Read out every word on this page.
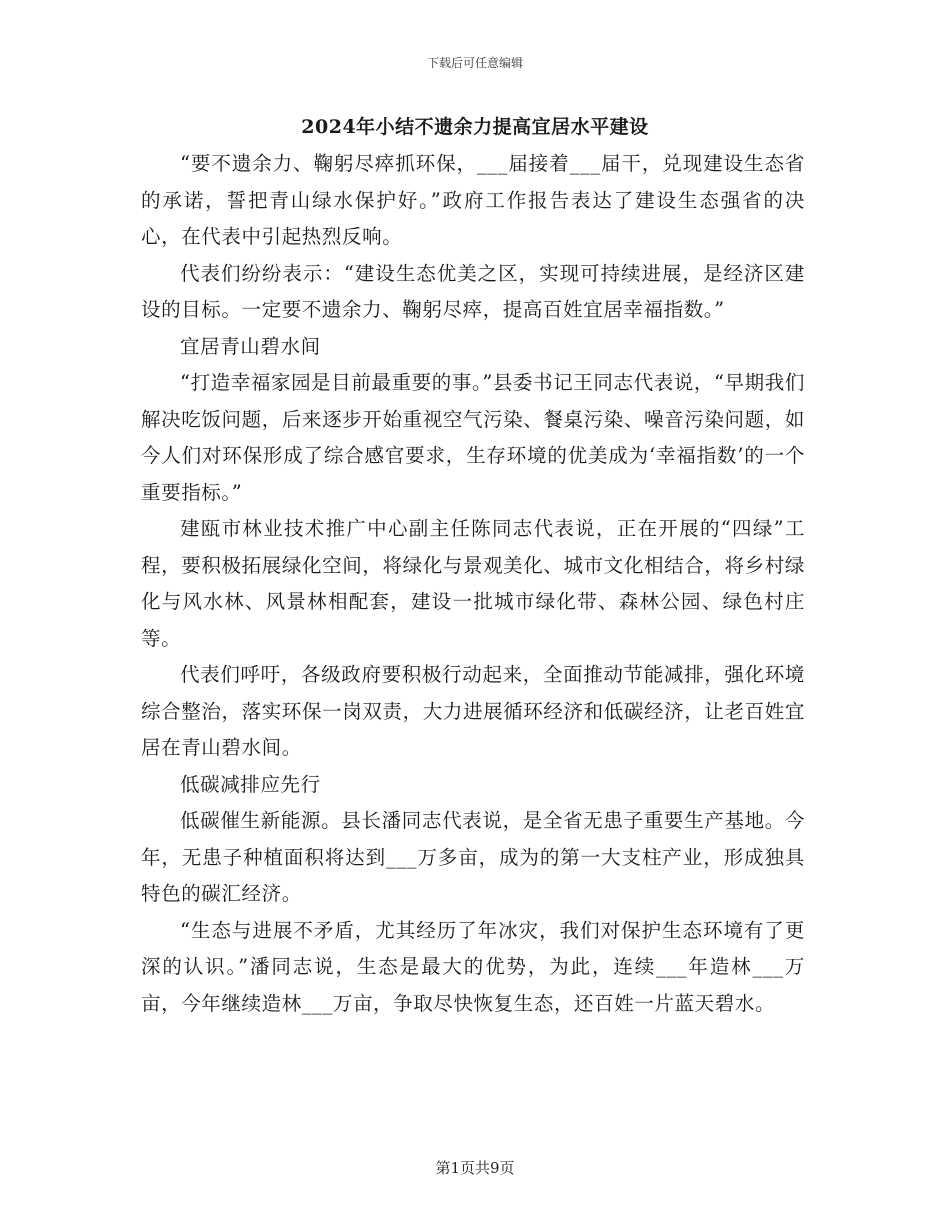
下载后可任意编辑
2024年小结不遗余力提高宜居水平建设

“要不遗余力、鞠躬尽瘁抓环保，___届接着___届干，兑现建设生态省的承诺，誓把青山绿水保护好。”政府工作报告表达了建设生态强省的决心，在代表中引起热烈反响。

代表们纷纷表示：“建设生态优美之区，实现可持续进展，是经济区建设的目标。一定要不遗余力、鞠躬尽瘁，提高百姓宜居幸福指数。”

宜居青山碧水间

“打造幸福家园是目前最重要的事。”县委书记王同志代表说，“早期我们解决吃饭问题，后来逐步开始重视空气污染、餐桌污染、噪音污染问题，如今人们对环保形成了综合感官要求，生存环境的优美成为‘幸福指数’的一个重要指标。”

建瓯市林业技术推广中心副主任陈同志代表说，正在开展的“四绿”工程，要积极拓展绿化空间，将绿化与景观美化、城市文化相结合，将乡村绿化与风水林、风景林相配套，建设一批城市绿化带、森林公园、绿色村庄等。

代表们呼吁，各级政府要积极行动起来，全面推动节能减排，强化环境综合整治，落实环保一岗双责，大力进展循环经济和低碳经济，让老百姓宜居在青山碧水间。

低碳减排应先行

低碳催生新能源。县长潘同志代表说，是全省无患子重要生产基地。今年，无患子种植面积将达到___万多亩，成为的第一大支柱产业，形成独具特色的碳汇经济。

“生态与进展不矛盾，尤其经历了年冰灾，我们对保护生态环境有了更深的认识。”潘同志说，生态是最大的优势，为此，连续___年造林___万亩，今年继续造林___万亩，争取尽快恢复生态，还百姓一片蓝天碧水。

第1页共9页
